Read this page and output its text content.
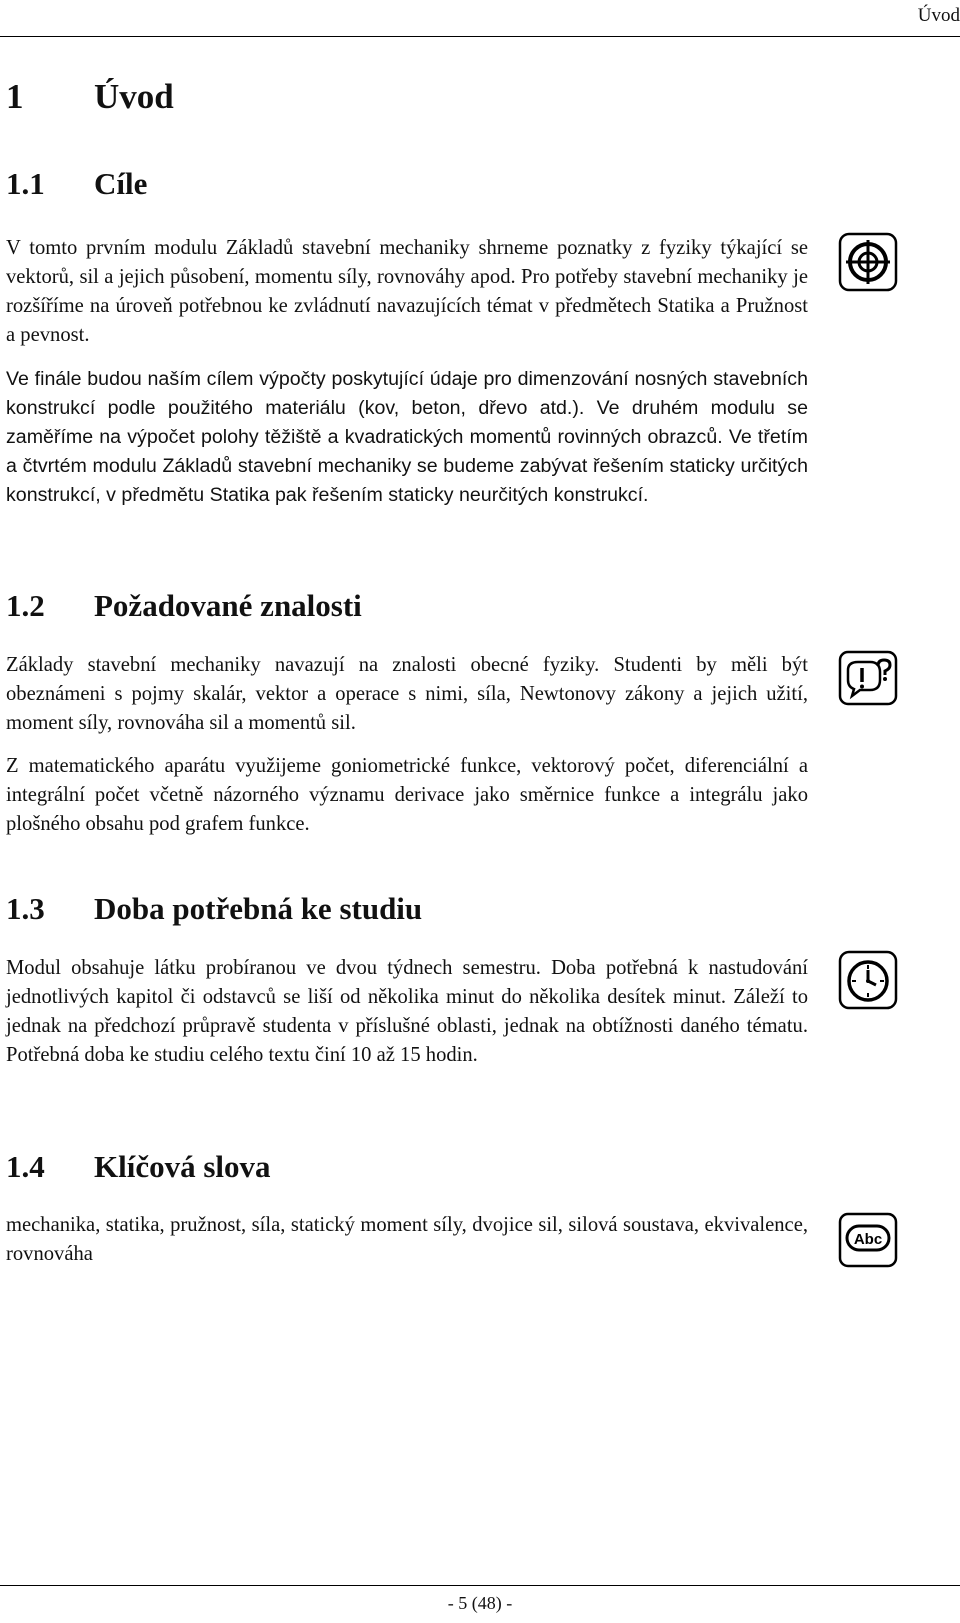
Úvod
1	Úvod
1.1	Cíle

V tomto prvním modulu Základů stavební mechaniky shrneme poznatky z fyziky týkající se vektorů, sil a jejich působení, momentu síly, rovnováhy apod. Pro potřeby stavební mechaniky je rozšíříme na úroveň potřebnou ke zvládnutí navazujících témat v předmětech Statika a Pružnost a pevnost.

Ve finále budou naším cílem výpočty poskytující údaje pro dimenzování nosných stavebních konstrukcí podle použitého materiálu (kov, beton, dřevo atd.). Ve druhém modulu se zaměříme na výpočet polohy těžiště a kvadratických momentů rovinných obrazců. Ve třetím a čtvrtém modulu Základů stavební mechaniky se budeme zabývat řešením staticky určitých konstrukcí, v předmětu Statika pak řešením staticky neurčitých konstrukcí.

1.2	Požadované znalosti

Základy stavební mechaniky navazují na znalosti obecné fyziky. Studenti by měli být obeznámeni s pojmy skalár, vektor a operace s nimi, síla, Newtonovy zákony a jejich užití, moment síly, rovnováha sil a momentů sil.

Z matematického aparátu využijeme goniometrické funkce, vektorový počet, diferenciální a integrální počet včetně názorného významu derivace jako směrnice funkce a integrálu jako plošného obsahu pod grafem funkce.

1.3	Doba potřebná ke studiu

Modul obsahuje látku probíranou ve dvou týdnech semestru. Doba potřebná k nastudování jednotlivých kapitol či odstavců se liší od několika minut do několika desítek minut. Záleží to jednak na předchozí průpravě studenta v příslušné oblasti, jednak na obtížnosti daného tématu. Potřebná doba ke studiu celého textu činí 10 až 15 hodin.

1.4	Klíčová slova

mechanika, statika, pružnost, síla, statický moment síly, dvojice sil, silová soustava, ekvivalence, rovnováha

Abc
- 5 (48) -
